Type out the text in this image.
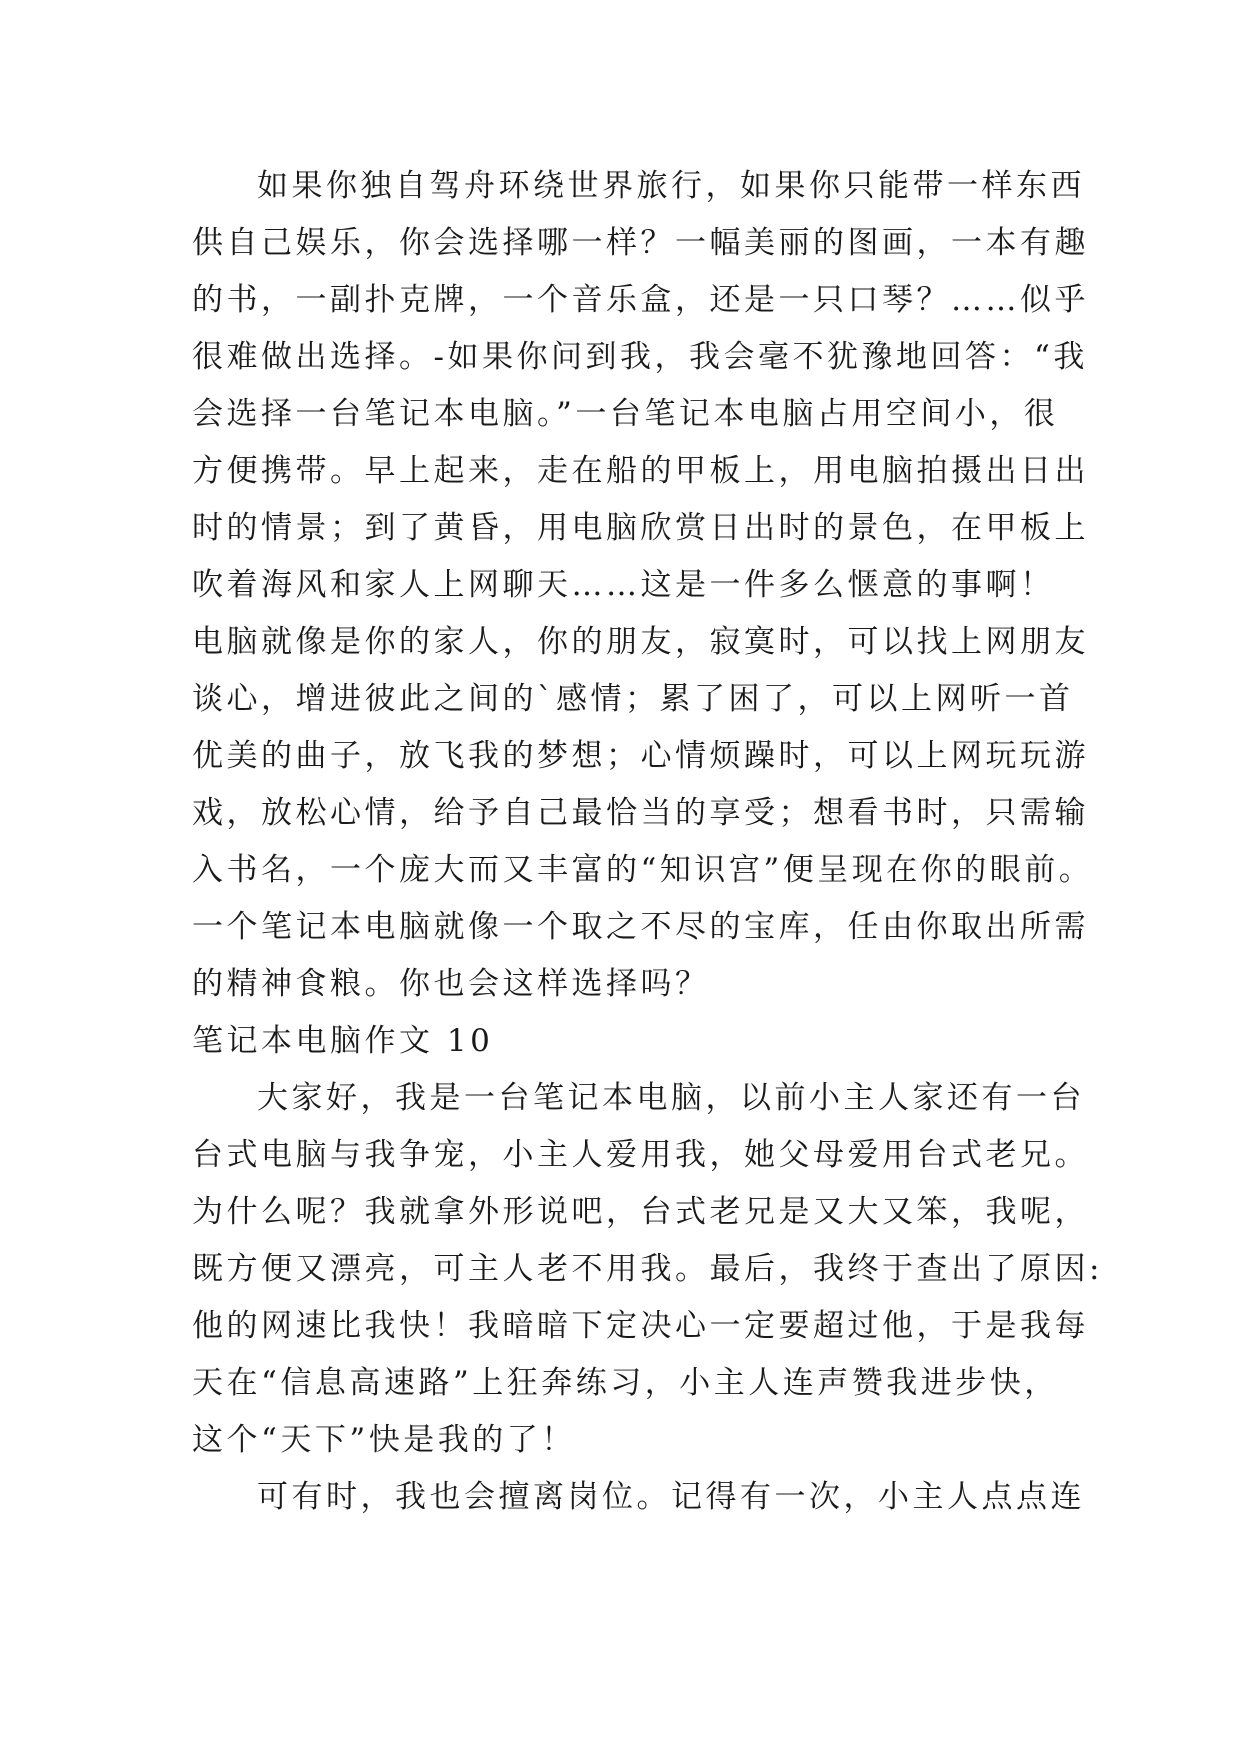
如果你独自驾舟环绕世界旅行，如果你只能带一样东西
供自己娱乐，你会选择哪一样？一幅美丽的图画，一本有趣
的书，一副扑克牌，一个音乐盒，还是一只口琴？……似乎
很难做出选择。-如果你问到我，我会毫不犹豫地回答：“我
会选择一台笔记本电脑。”一台笔记本电脑占用空间小，很
方便携带。早上起来，走在船的甲板上，用电脑拍摄出日出
时的情景；到了黄昏，用电脑欣赏日出时的景色，在甲板上
吹着海风和家人上网聊天……这是一件多么惬意的事啊！
电脑就像是你的家人，你的朋友，寂寞时，可以找上网朋友
谈心，增进彼此之间的`感情；累了困了，可以上网听一首
优美的曲子，放飞我的梦想；心情烦躁时，可以上网玩玩游
戏，放松心情，给予自己最恰当的享受；想看书时，只需输
入书名，一个庞大而又丰富的“知识宫”便呈现在你的眼前。
一个笔记本电脑就像一个取之不尽的宝库，任由你取出所需
的精神食粮。你也会这样选择吗？
笔记本电脑作文 10
大家好，我是一台笔记本电脑，以前小主人家还有一台
台式电脑与我争宠，小主人爱用我，她父母爱用台式老兄。
为什么呢？我就拿外形说吧，台式老兄是又大又笨，我呢，
既方便又漂亮，可主人老不用我。最后，我终于查出了原因:
他的网速比我快！我暗暗下定决心一定要超过他，于是我每
天在“信息高速路”上狂奔练习，小主人连声赞我进步快，
这个“天下”快是我的了！
可有时，我也会擅离岗位。记得有一次，小主人点点连
